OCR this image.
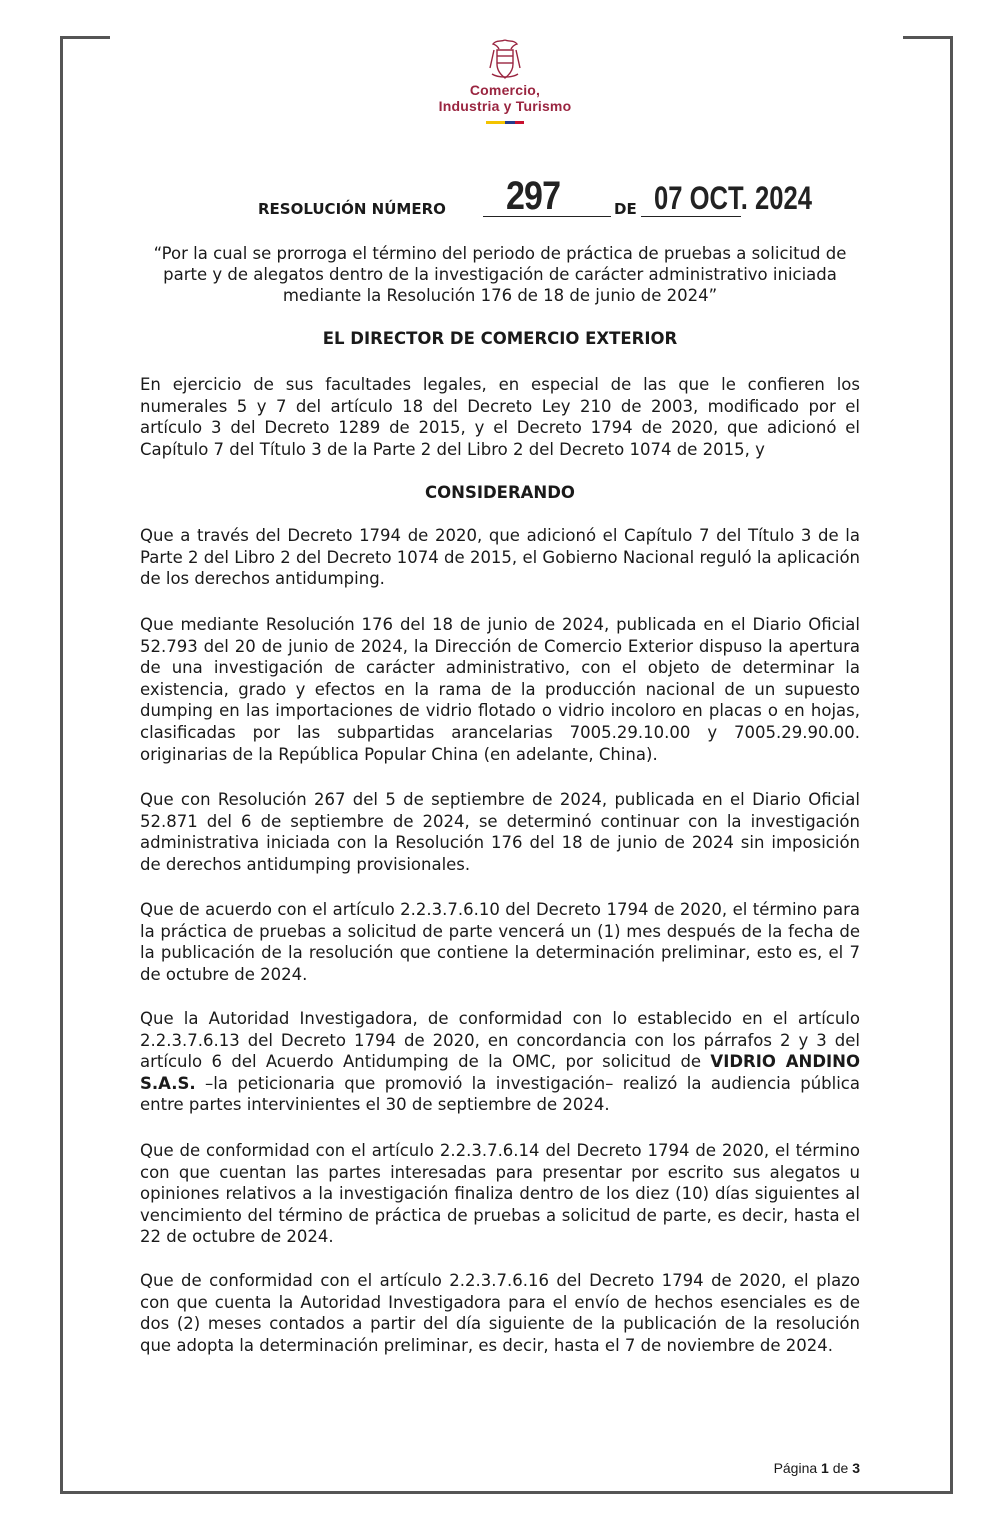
Comercio,
Industria y Turismo
RESOLUCIÓN NÚMERO 297	DE 07 OCT. 2024
“Por la cual se prorroga el término del periodo de práctica de pruebas a solicitud de parte y de alegatos dentro de la investigación de carácter administrativo iniciada mediante la Resolución 176 de 18 de junio de 2024”
EL DIRECTOR DE COMERCIO EXTERIOR

En ejercicio de sus facultades legales, en especial de las que le confieren los numerales 5 y 7 del artículo 18 del Decreto Ley 210 de 2003, modificado por el artículo 3 del Decreto 1289 de 2015, y el Decreto 1794 de 2020, que adicionó el Capítulo 7 del Título 3 de la Parte 2 del Libro 2 del Decreto 1074 de 2015, y

CONSIDERANDO

Que a través del Decreto 1794 de 2020, que adicionó el Capítulo 7 del Título 3 de la Parte 2 del Libro 2 del Decreto 1074 de 2015, el Gobierno Nacional reguló la aplicación de los derechos antidumping.

Que mediante Resolución 176 del 18 de junio de 2024, publicada en el Diario Oficial 52.793 del 20 de junio de 2024, la Dirección de Comercio Exterior dispuso la apertura de una investigación de carácter administrativo, con el objeto de determinar la existencia, grado y efectos en la rama de la producción nacional de un supuesto dumping en las importaciones de vidrio flotado o vidrio incoloro en placas o en hojas, clasificadas por las subpartidas arancelarias 7005.29.10.00 y 7005.29.90.00. originarias de la República Popular China (en adelante, China).

Que con Resolución 267 del 5 de septiembre de 2024, publicada en el Diario Oficial 52.871 del 6 de septiembre de 2024, se determinó continuar con la investigación administrativa iniciada con la Resolución 176 del 18 de junio de 2024 sin imposición de derechos antidumping provisionales.

Que de acuerdo con el artículo 2.2.3.7.6.10 del Decreto 1794 de 2020, el término para la práctica de pruebas a solicitud de parte vencerá un (1) mes después de la fecha de la publicación de la resolución que contiene la determinación preliminar, esto es, el 7 de octubre de 2024.

Que la Autoridad Investigadora, de conformidad con lo establecido en el artículo 2.2.3.7.6.13 del Decreto 1794 de 2020, en concordancia con los párrafos 2 y 3 del artículo 6 del Acuerdo Antidumping de la OMC, por solicitud de VIDRIO ANDINO S.A.S. –la peticionaria que promovió la investigación– realizó la audiencia pública entre partes intervinientes el 30 de septiembre de 2024.

Que de conformidad con el artículo 2.2.3.7.6.14 del Decreto 1794 de 2020, el término con que cuentan las partes interesadas para presentar por escrito sus alegatos u opiniones relativos a la investigación finaliza dentro de los diez (10) días siguientes al vencimiento del término de práctica de pruebas a solicitud de parte, es decir, hasta el 22 de octubre de 2024.

Que de conformidad con el artículo 2.2.3.7.6.16 del Decreto 1794 de 2020, el plazo con que cuenta la Autoridad Investigadora para el envío de hechos esenciales es de dos (2) meses contados a partir del día siguiente de la publicación de la resolución que adopta la determinación preliminar, es decir, hasta el 7 de noviembre de 2024.

Página 1 de 3
